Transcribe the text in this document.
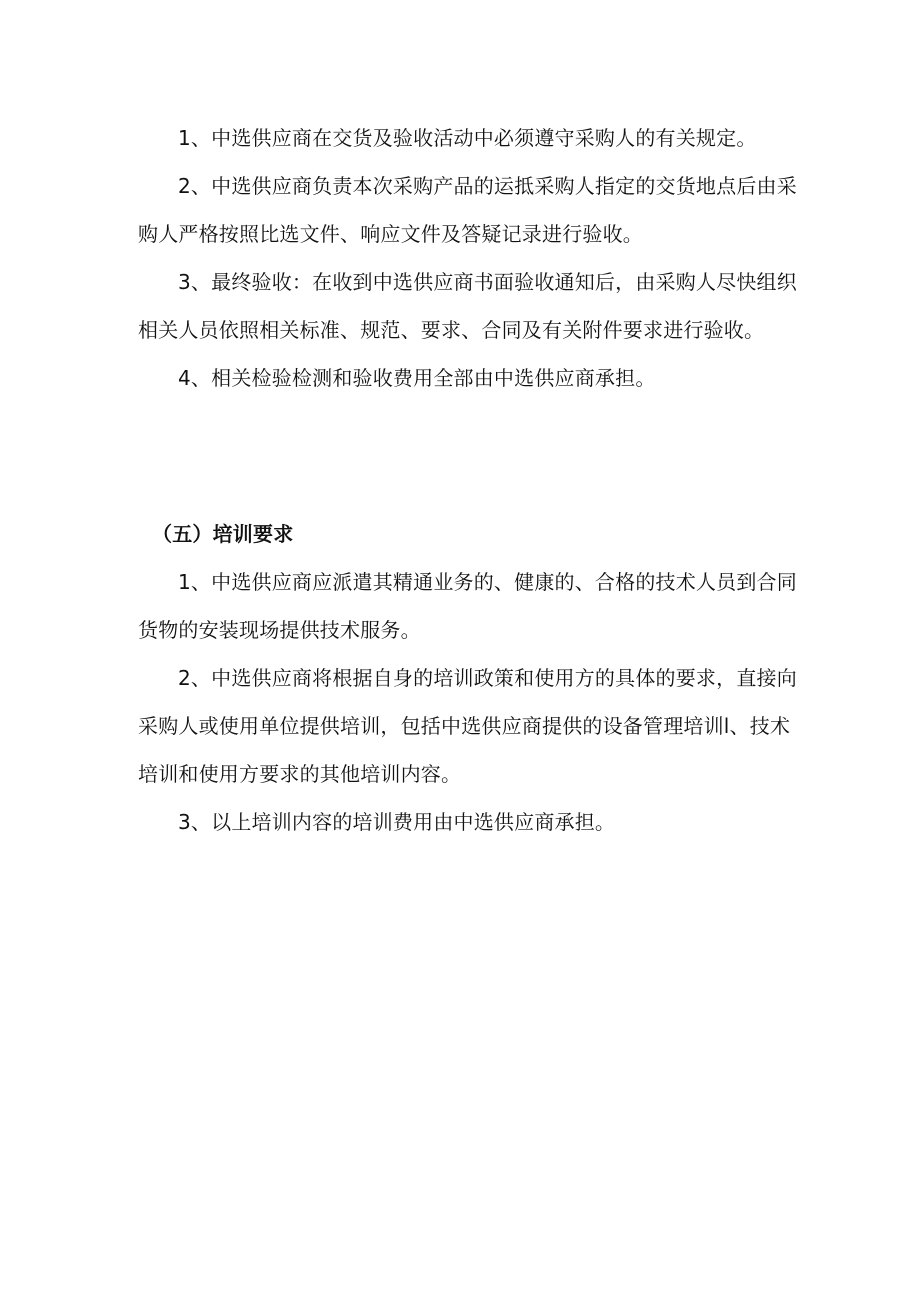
1、中选供应商在交货及验收活动中必须遵守采购人的有关规定。

2、中选供应商负责本次采购产品的运抵采购人指定的交货地点后由采购人严格按照比选文件、响应文件及答疑记录进行验收。

3、最终验收：在收到中选供应商书面验收通知后，由采购人尽快组织相关人员依照相关标准、规范、要求、合同及有关附件要求进行验收。

4、相关检验检测和验收费用全部由中选供应商承担。

（五）培训要求

1、中选供应商应派遣其精通业务的、健康的、合格的技术人员到合同货物的安装现场提供技术服务。

2、中选供应商将根据自身的培训政策和使用方的具体的要求，直接向采购人或使用单位提供培训，包括中选供应商提供的设备管理培训l、技术培训和使用方要求的其他培训内容。

3、以上培训内容的培训费用由中选供应商承担。
